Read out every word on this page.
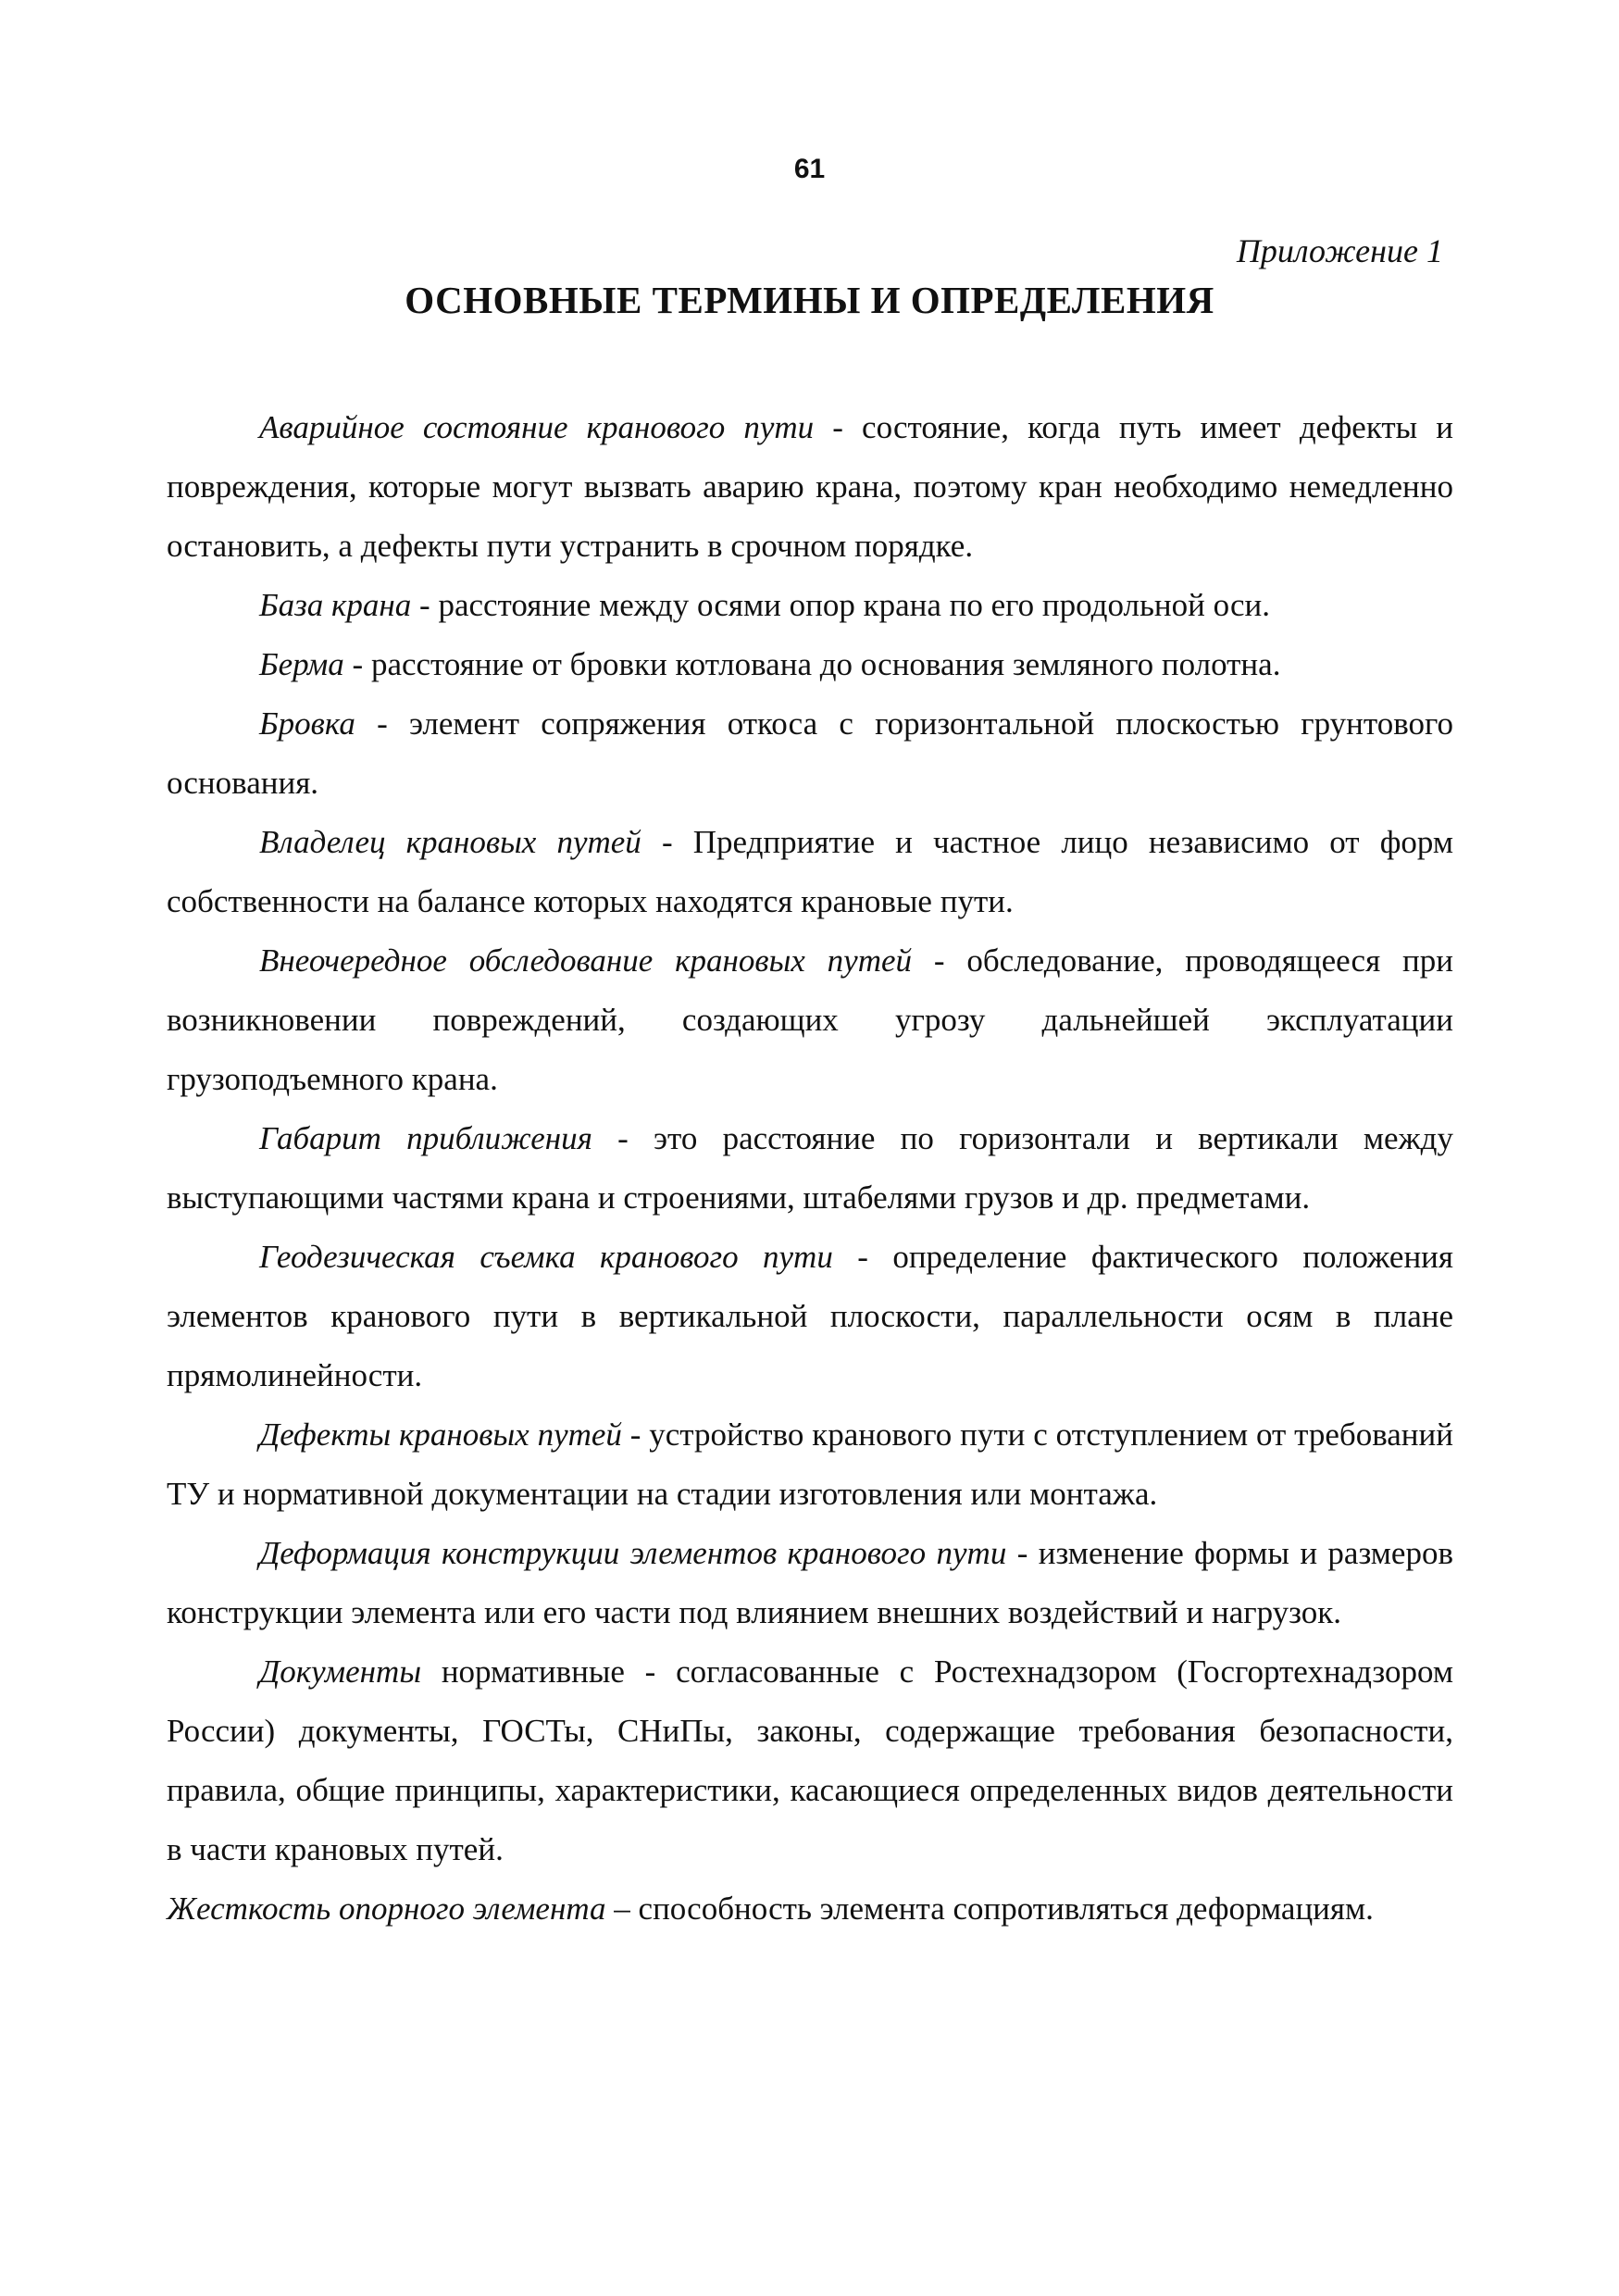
61
Приложение 1
ОСНОВНЫЕ ТЕРМИНЫ И ОПРЕДЕЛЕНИЯ

Аварийное состояние кранового пути - состояние, когда путь имеет дефекты и повреждения, которые могут вызвать аварию крана, поэтому кран необходимо немедленно остановить, а дефекты пути устранить в срочном порядке.

База крана - расстояние между осями опор крана по его продольной оси.

Берма - расстояние от бровки котлована до основания земляного полотна.

Бровка - элемент сопряжения откоса с горизонтальной плоскостью грунтового основания.

Владелец крановых путей - Предприятие и частное лицо независимо от форм собственности на балансе которых находятся крановые пути.

Внеочередное обследование крановых путей - обследование, проводящееся при возникновении повреждений, создающих угрозу дальнейшей эксплуатации грузоподъемного крана.

Габарит приближения - это расстояние по горизонтали и вертикали между выступающими частями крана и строениями, штабелями грузов и др. предметами.

Геодезическая съемка кранового пути - определение фактического положения элементов кранового пути в вертикальной плоскости, параллельности осям в плане прямолинейности.

Дефекты крановых путей - устройство кранового пути с отступлением от требований ТУ и нормативной документации на стадии изготовления или монтажа.

Деформация конструкции элементов кранового пути - изменение формы и размеров конструкции элемента или его части под влиянием внешних воздействий и нагрузок.

Документы нормативные - согласованные с Ростехнадзором (Госгортехнадзором России) документы, ГОСТы, СНиПы, законы, содержащие требования безопасности, правила, общие принципы, характеристики, касающиеся определенных видов деятельности в части крановых путей.

Жесткость опорного элемента – способность элемента сопротивляться деформациям.
